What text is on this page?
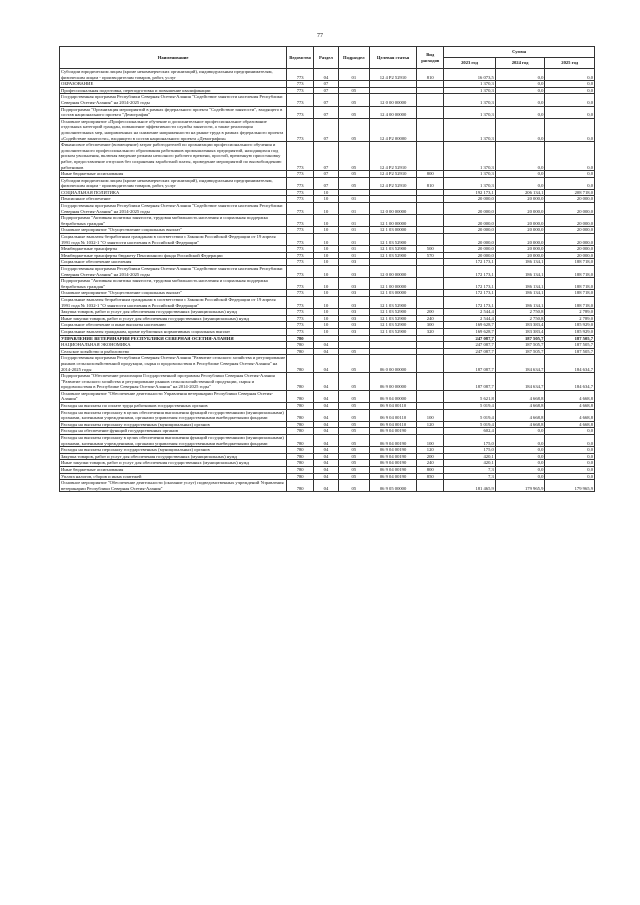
77
Наименование	Ведомство	Раздел	Подраздел	Целевая статья	Вид расходов	Сумма		
						2023 год	2024 год	2025 год
Субсидии юридическим лицам (кроме некоммерческих организаций), индивидуальным предпринимателям, физическим лицам - производителям товаров, работ, услуг	773	04	01	12 4 P2 52910	810	16 073,5	0,0	0,0
ОБРАЗОВАНИЕ	773	07				1 370,3	0,0	0,0
Профессиональная подготовка, переподготовка и повышение квалификации	773	07	05			1 370,3	0,0	0,0
Государственная программа Республики Северная Осетия-Алания "Содействие занятости населения Республики Северная Осетия-Алания" на 2014-2025 годы	773	07	05	12 0 00 00000		1 370,3	0,0	0,0
Подпрограмма "Организация мероприятий в рамках федерального проекта "Содействие занятости", входящего в состав национального проекта "Демография"	773	07	05	12 4 00 00000		1 370,3	0,0	0,0
Основное мероприятие «Профессиональное обучение и дополнительное профессиональное образование отдельных категорий граждан, повышение эффективности службы занятости, а также реализация дополнительных мер, направленных на снижение напряженности на рынке труда в рамках федерального проекта «Содействие занятости», входящего в состав национального проекта «Демография»	773	07	05	12 4 P2 00000		1 370,3	0,0	0,0
Финансовое обеспечение (возмещение) затрат работодателей по организации профессионального обучения и дополнительного профессионального образования работников промышленных предприятий, находящихся под риском увольнения, включая введение режима неполного рабочего времени, простой, временную приостановку работ, предоставление отпусков без сохранения заработной платы, проведение мероприятий по высвобождению работников	773	07	05	12 4 P2 52910		1 370,3	0,0	0,0
Иные бюджетные ассигнования	773	07	05	12 4 P2 52910	800	1 370,3	0,0	0,0
Субсидии юридическим лицам (кроме некоммерческих организаций), индивидуальным предпринимателям, физическим лицам - производителям товаров, работ, услуг	773	07	05	12 4 P2 52910	810	1 370,3	0,0	0,0
СОЦИАЛЬНАЯ ПОЛИТИКА	773	10				192 173,1	206 134,1	208 718,0
Пенсионное обеспечение	773	10	01			20 000,0	20 000,0	20 000,0
Государственная программа Республики Северная Осетия-Алания "Содействие занятости населения Республики Северная Осетия-Алания" на 2014-2025 годы	773	10	01	12 0 00 00000		20 000,0	20 000,0	20 000,0
Подпрограмма "Активная политика занятости, трудовая мобильность населения и социальная поддержка безработных граждан"	773	10	01	12 1 00 00000		20 000,0	20 000,0	20 000,0
Основное мероприятие "Осуществление социальных выплат"	773	10	01	12 1 03 00000		20 000,0	20 000,0	20 000,0
Социальные выплаты безработным гражданам в соответствии с Законом Российской Федерации от 19 апреля 1991 года № 1032-1 "О занятости населения в Российской Федерации"	773	10	01	12 1 03 52900		20 000,0	20 000,0	20 000,0
Межбюджетные трансферты	773	10	01	12 1 03 52900	500	20 000,0	20 000,0	20 000,0
Межбюджетные трансферты бюджету Пенсионного фонда Российской Федерации	773	10	01	12 1 03 52900	570	20 000,0	20 000,0	20 000,0
Социальное обеспечение населения	773	10	03			172 173,1	186 134,1	188 718,0
Государственная программа Республики Северная Осетия-Алания "Содействие занятости населения Республики Северная Осетия-Алания" на 2014-2025 годы	773	10	03	12 0 00 00000		172 173,1	186 134,1	188 718,0
Подпрограмма "Активная политика занятости, трудовая мобильность населения и социальная поддержка безработных граждан"	773	10	03	12 1 00 00000		172 173,1	186 134,1	188 718,0
Основное мероприятие "Осуществление социальных выплат"	773	10	03	12 1 03 00000		172 173,1	186 134,1	188 718,0
Социальные выплаты безработным гражданам в соответствии с Законом Российской Федерации от 19 апреля 1991 года № 1032-1 "О занятости населения в Российской Федерации"	773	10	03	12 1 03 52900		172 173,1	186 134,1	188 718,0
Закупка товаров, работ и услуг для обеспечения государственных (муниципальных) нужд	773	10	03	12 1 03 52900	200	2 544,4	2 750,8	2 789,0
Иные закупки товаров, работ и услуг для обеспечения государственных (муниципальных) нужд	773	10	03	12 1 03 52900	240	2 544,4	2 750,8	2 789,0
Социальное обеспечение и иные выплаты населению	773	10	03	12 1 03 52900	300	169 628,7	183 383,4	185 929,0
Социальные выплаты гражданам, кроме публичных нормативных социальных выплат	773	10	03	12 1 03 52900	320	169 628,7	183 383,4	185 929,0
УПРАВЛЕНИЕ ВЕТЕРИНАРИИ РЕСПУБЛИКИ СЕВЕРНАЯ ОСЕТИЯ-АЛАНИЯ	780					247 087,7	187 505,7	187 505,7
НАЦИОНАЛЬНАЯ ЭКОНОМИКА	780	04				247 087,7	187 505,7	187 505,7
Сельское хозяйство и рыболовство	780	04	05			247 087,7	187 505,7	187 505,7
Государственная программа Республики Северная Осетия-Алания "Развитие сельского хозяйства и регулирование рынков сельскохозяйственной продукции, сырья и продовольствия в Республике Северная Осетия-Алания" на 2014-2025 годы	780	04	05	06 0 00 00000		187 087,7	184 634,7	184 634,7
Подпрограмма "Обеспечение реализации Государственной программы Республики Северная Осетия-Алания "Развитие сельского хозяйства и регулирование рынков сельскохозяйственной продукции, сырья и продовольствия в Республике Северная Осетия-Алания" на 2014-2025 годы"	780	04	05	06 9 00 00000		187 087,7	184 634,7	184 634,7
Основное мероприятие "Обеспечение деятельности Управления ветеринарии Республики Северная Осетия-Алания"	780	04	05	06 9 04 00000		5 621,8	4 668,8	4 668,8
Расходы на выплаты по оплате труда работников государственных органов	780	04	05	06 9 04 00110		5 019,4	4 668,8	4 668,8
Расходы на выплаты персоналу в целях обеспечения выполнения функций государственными (муниципальными) органами, казенными учреждениями, органами управления государственными внебюджетными фондами	780	04	05	06 9 04 00110	100	5 019,4	4 668,8	4 668,8
Расходы на выплаты персоналу государственных (муниципальных) органов	780	04	05	06 9 04 00110	120	5 019,4	4 668,8	4 668,8
Расходы на обеспечение функций государственных органов	780	04	05	06 9 04 00190		602,4	0,0	0,0
Расходы на выплаты персоналу в целях обеспечения выполнения функций государственными (муниципальными) органами, казенными учреждениями, органами управления государственными внебюджетными фондами	780	04	05	06 9 04 00190	100	175,0	0,0	0,0
Расходы на выплаты персоналу государственных (муниципальных) органов	780	04	05	06 9 04 00190	120	175,0	0,0	0,0
Закупка товаров, работ и услуг для обеспечения государственных (муниципальных) нужд	780	04	05	06 9 04 00190	200	420,1	0,0	0,0
Иные закупки товаров, работ и услуг для обеспечения государственных (муниципальных) нужд	780	04	05	06 9 04 00190	240	420,1	0,0	0,0
Иные бюджетные ассигнования	780	04	05	06 9 04 00190	800	7,3	0,0	0,0
Уплата налогов, сборов и иных платежей	780	04	05	06 9 04 00190	850	7,3	0,0	0,0
Основное мероприятие "Обеспечение деятельности (оказание услуг) подведомственных учреждений Управления ветеринарии Республики Северная Осетия-Алания"	780	04	05	06 9 05 00000		181 465,9	179 965,9	179 965,9
